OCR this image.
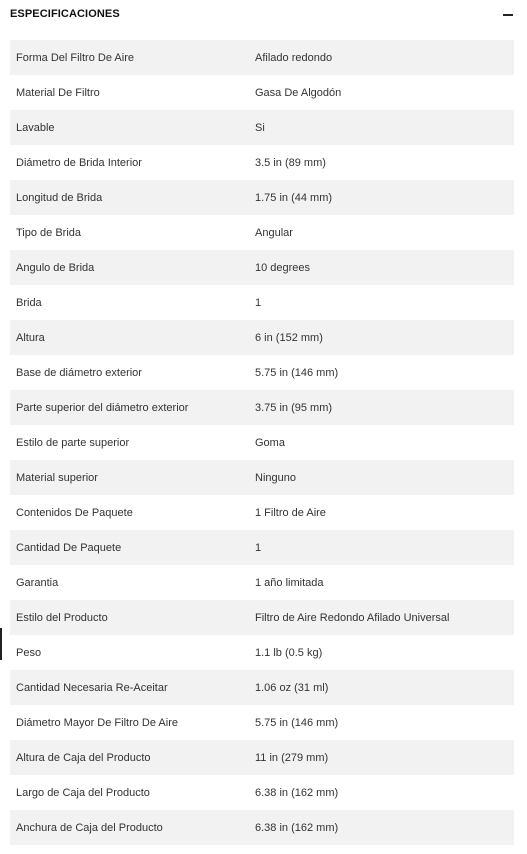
ESPECIFICACIONES
Forma Del Filtro De Aire	Afilado redondo
Material De Filtro	Gasa De Algodón
Lavable	Si
Diámetro de Brida Interior	3.5 in (89 mm)
Longitud de Brida	1.75 in (44 mm)
Tipo de Brida	Angular
Angulo de Brida	10 degrees
Brida	1
Altura	6 in (152 mm)
Base de diámetro exterior	5.75 in (146 mm)
Parte superior del diámetro exterior	3.75 in (95 mm)
Estilo de parte superior	Goma
Material superior	Ninguno
Contenidos De Paquete	1 Filtro de Aire
Cantidad De Paquete	1
Garantia	1 año limitada
Estilo del Producto	Filtro de Aire Redondo Afilado Universal
Peso	1.1 lb (0.5 kg)
Cantidad Necesaria Re-Aceitar	1.06 oz (31 ml)
Diámetro Mayor De Filtro De Aire	5.75 in (146 mm)
Altura de Caja del Producto	11 in (279 mm)
Largo de Caja del Producto	6.38 in (162 mm)
Anchura de Caja del Producto	6.38 in (162 mm)
